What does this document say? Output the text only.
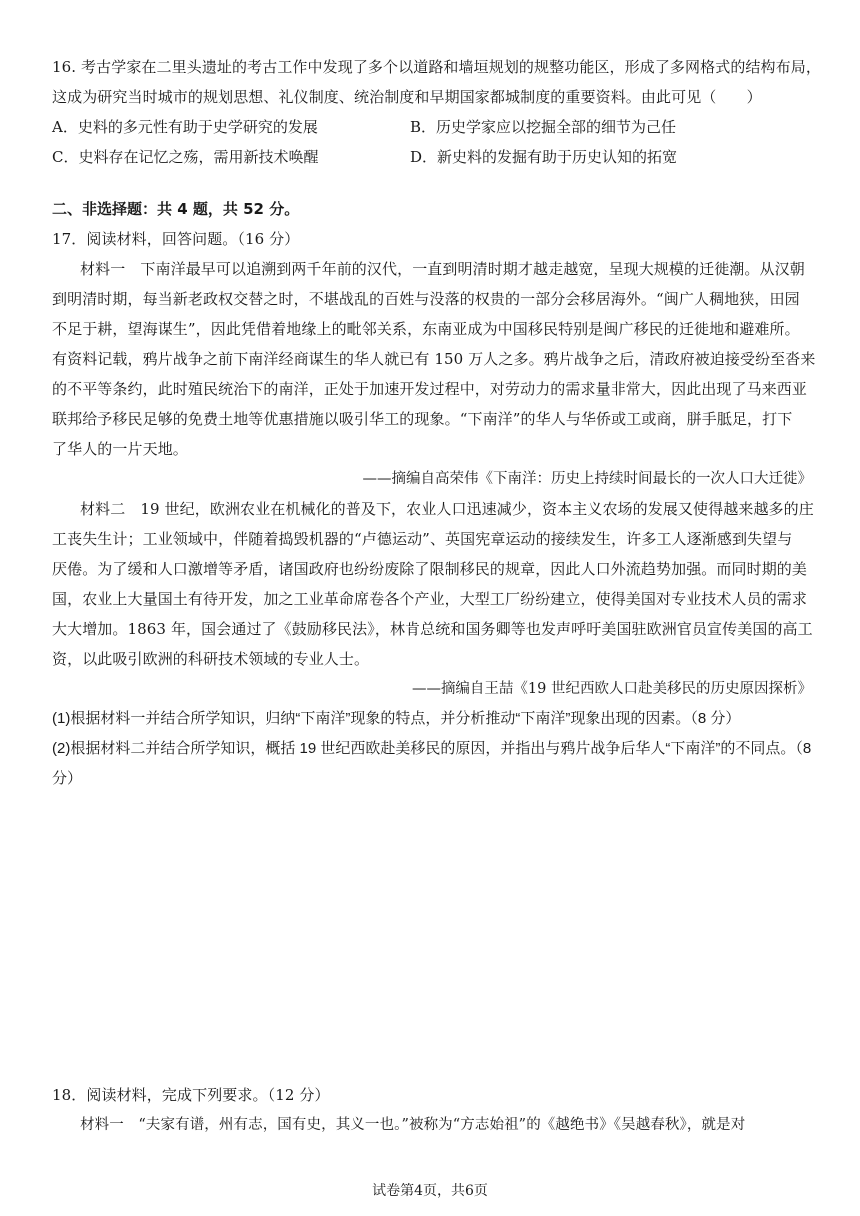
16. 考古学家在二里头遗址的考古工作中发现了多个以道路和墙垣规划的规整功能区，形成了多网格式的结构布局，
这成为研究当时城市的规划思想、礼仪制度、统治制度和早期国家都城制度的重要资料。由此可见（　　）
A．史料的多元性有助于史学研究的发展	B．历史学家应以挖掘全部的细节为己任
C．史料存在记忆之殇，需用新技术唤醒	D．新史料的发掘有助于历史认知的拓宽
二、非选择题：共 4 题，共 52 分。
17．阅读材料，回答问题。（16 分）
材料一　下南洋最早可以追溯到两千年前的汉代，一直到明清时期才越走越宽，呈现大规模的迁徙潮。从汉朝
到明清时期，每当新老政权交替之时，不堪战乱的百姓与没落的权贵的一部分会移居海外。“闽广人稠地狭，田园
不足于耕，望海谋生”，因此凭借着地缘上的毗邻关系，东南亚成为中国移民特别是闽广移民的迁徙地和避难所。
有资料记载，鸦片战争之前下南洋经商谋生的华人就已有 150 万人之多。鸦片战争之后，清政府被迫接受纷至沓来
的不平等条约，此时殖民统治下的南洋，正处于加速开发过程中，对劳动力的需求量非常大，因此出现了马来西亚
联邦给予移民足够的免费土地等优惠措施以吸引华工的现象。“下南洋”的华人与华侨或工或商，胼手胝足，打下
了华人的一片天地。
——摘编自高荣伟《下南洋：历史上持续时间最长的一次人口大迁徙》
材料二　19 世纪，欧洲农业在机械化的普及下，农业人口迅速减少，资本主义农场的发展又使得越来越多的庄
工丧失生计；工业领域中，伴随着捣毁机器的“卢德运动”、英国宪章运动的接续发生，许多工人逐渐感到失望与
厌倦。为了缓和人口激增等矛盾，诸国政府也纷纷废除了限制移民的规章，因此人口外流趋势加强。而同时期的美
国，农业上大量国土有待开发，加之工业革命席卷各个产业，大型工厂纷纷建立，使得美国对专业技术人员的需求
大大增加。1863 年，国会通过了《鼓励移民法》，林肯总统和国务卿等也发声呼吁美国驻欧洲官员宣传美国的高工
资，以此吸引欧洲的科研技术领域的专业人士。
——摘编自王喆《19 世纪西欧人口赴美移民的历史原因探析》
(1)根据材料一并结合所学知识，归纳“下南洋”现象的特点，并分析推动“下南洋”现象出现的因素。（8 分）
(2)根据材料二并结合所学知识，概括 19 世纪西欧赴美移民的原因，并指出与鸦片战争后华人“下南洋”的不同点。（8
分）
18．阅读材料，完成下列要求。（12 分）
材料一　“夫家有谱，州有志，国有史，其义一也。”被称为“方志始祖”的《越绝书》《吴越春秋》，就是对
试卷第4页，共6页
